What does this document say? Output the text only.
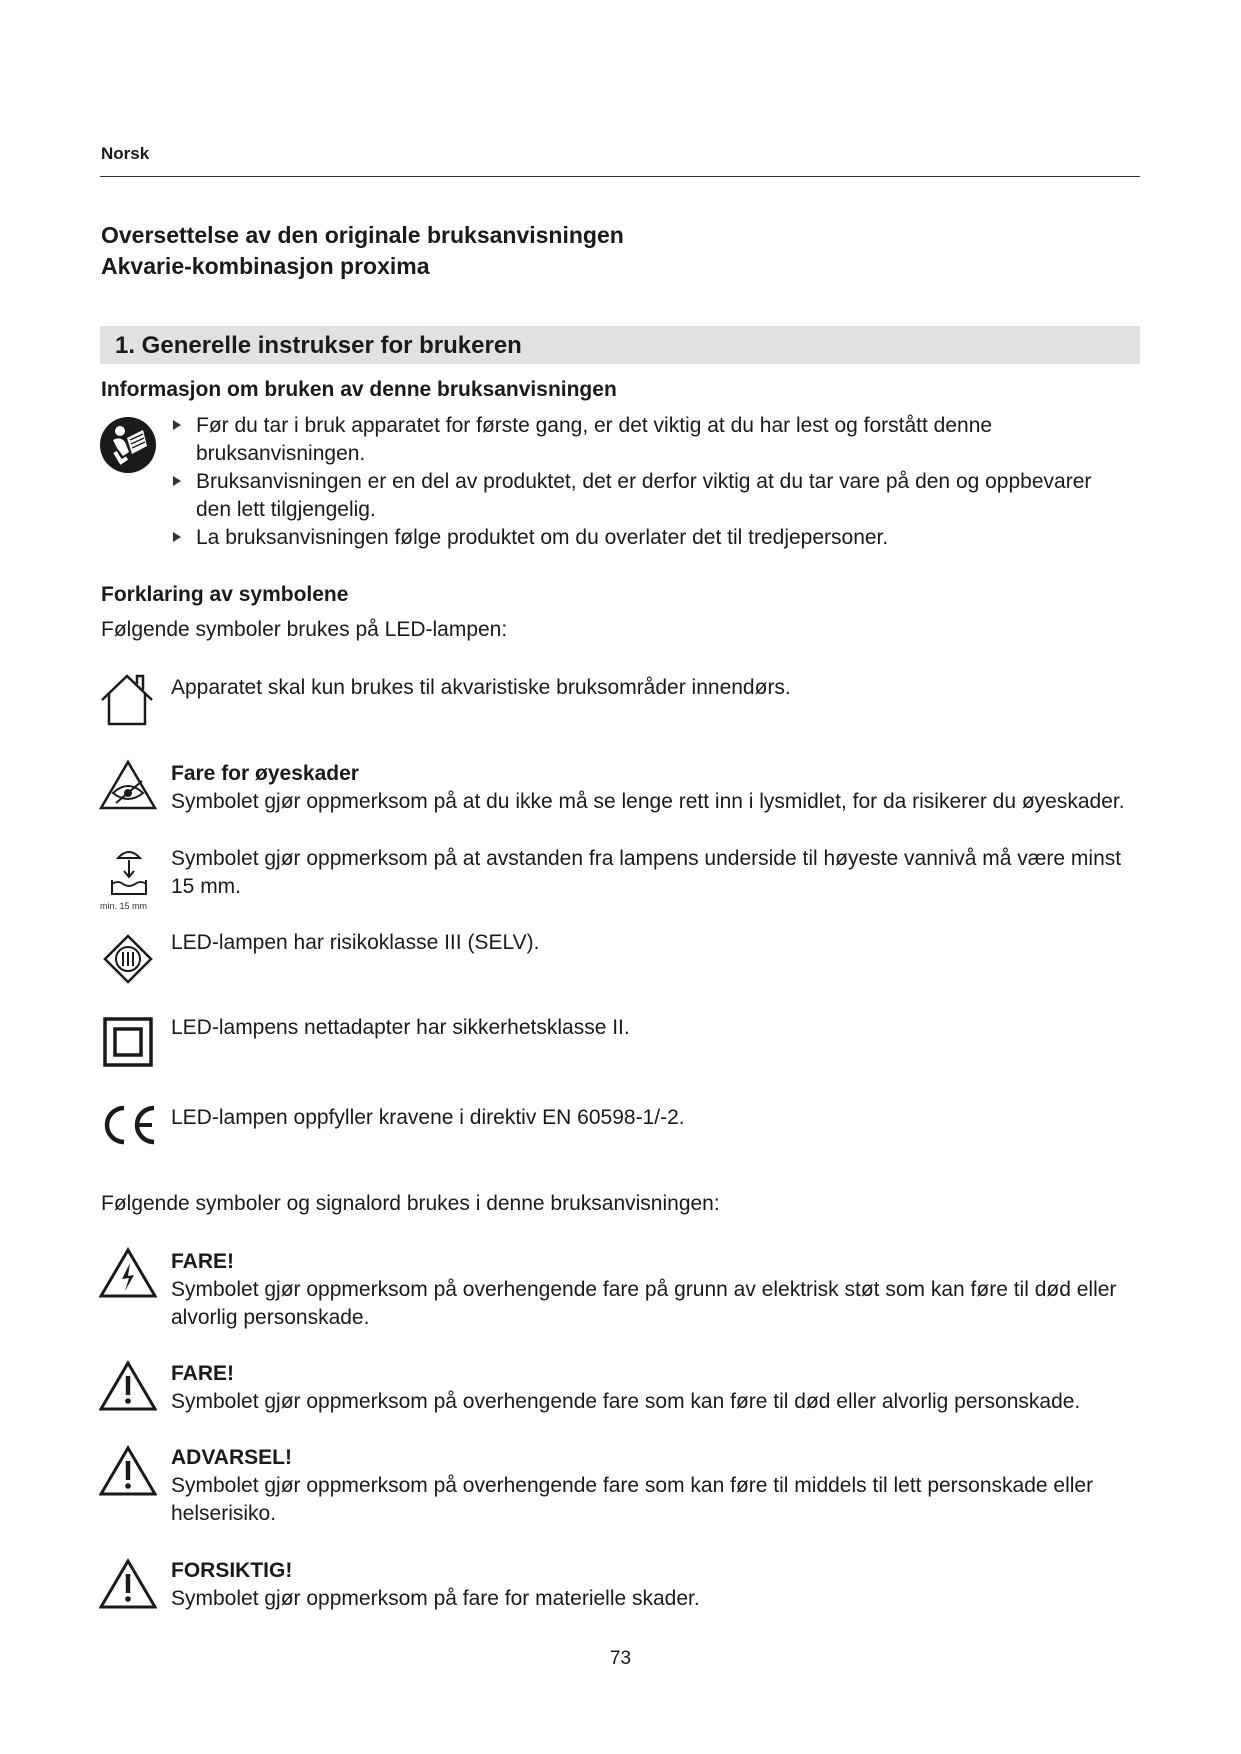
Norsk
Oversettelse av den originale bruksanvisningen
Akvarie-kombinasjon proxima
1. Generelle instrukser for brukeren
Informasjon om bruken av denne bruksanvisningen
Før du tar i bruk apparatet for første gang, er det viktig at du har lest og forstått denne bruksanvisningen.
Bruksanvisningen er en del av produktet, det er derfor viktig at du tar vare på den og oppbevarer den lett tilgjengelig.
La bruksanvisningen følge produktet om du overlater det til tredjepersoner.
Forklaring av symbolene
Følgende symboler brukes på LED-lampen:
Apparatet skal kun brukes til akvaristiske bruksområder innendørs.
Fare for øyeskader
Symbolet gjør oppmerksom på at du ikke må se lenge rett inn i lysmidlet, for da risikerer du øyeskader.
min. 15 mm
Symbolet gjør oppmerksom på at avstanden fra lampens underside til høyeste vannivå må være minst 15 mm.
LED-lampen har risikoklasse III (SELV).
LED-lampens nettadapter har sikkerhetsklasse II.
LED-lampen oppfyller kravene i direktiv EN 60598-1/-2.
Følgende symboler og signalord brukes i denne bruksanvisningen:
FARE!
Symbolet gjør oppmerksom på overhengende fare på grunn av elektrisk støt som kan føre til død eller alvorlig personskade.
FARE!
Symbolet gjør oppmerksom på overhengende fare som kan føre til død eller alvorlig personskade.
ADVARSEL!
Symbolet gjør oppmerksom på overhengende fare som kan føre til middels til lett personskade eller helserisiko.
FORSIKTIG!
Symbolet gjør oppmerksom på fare for materielle skader.
73
